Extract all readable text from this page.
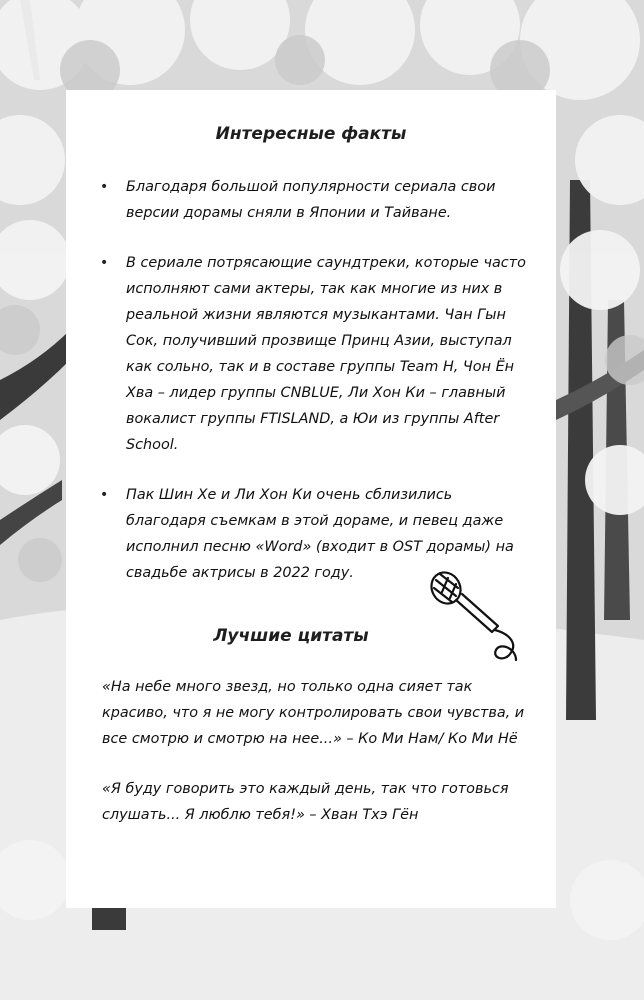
Интересные факты
• Благодаря большой популярности сериала свои версии дорамы сняли в Японии и Тайване.
• В сериале потрясающие саундтреки, которые часто исполняют сами актеры, так как многие из них в реальной жизни являются музыкантами. Чан Гын Сок, получивший прозвище Принц Азии, выступал как сольно, так и в составе группы Team H, Чон Ён Хва – лидер группы CNBLUE, Ли Хон Ки – главный вокалист группы FTISLAND, а Юи из группы After School.
• Пак Шин Хе и Ли Хон Ки очень сблизились благодаря съемкам в этой дораме, и певец даже исполнил песню «Word» (входит в OST дорамы) на свадьбе актрисы в 2022 году.
Лучшие цитаты

«На небе много звезд, но только одна сияет так красиво, что я не могу контролировать свои чувства, и все смотрю и смотрю на нее...» – Ко Ми Нам/ Ко Ми Нё

«Я буду говорить это каждый день, так что готовься слушать... Я люблю тебя!» – Хван Тхэ Гён
